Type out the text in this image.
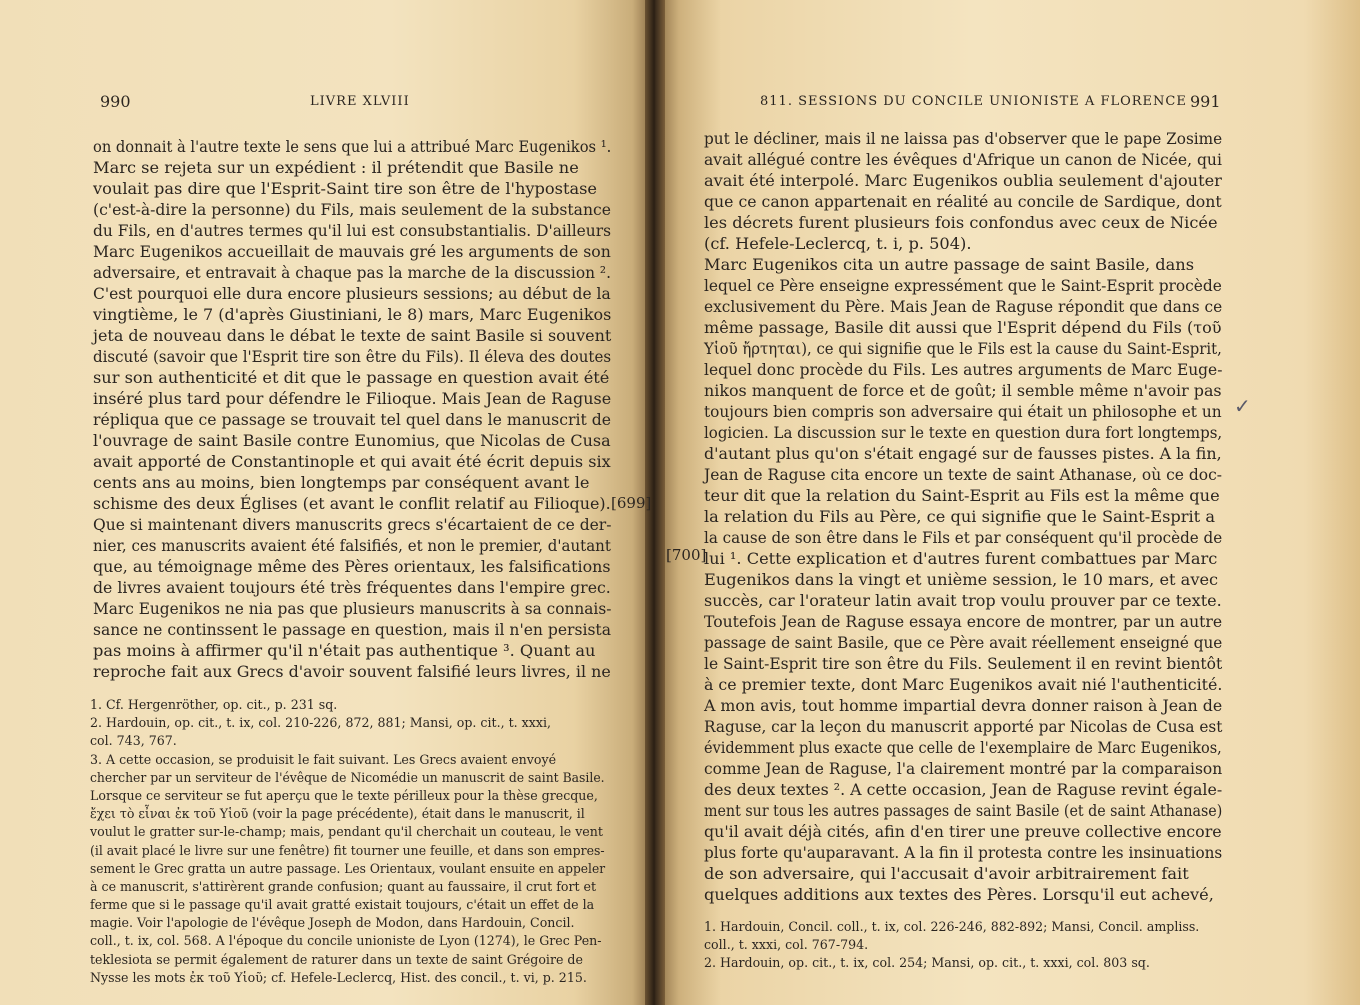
990	LIVRE XLVIII
on donnait à l'autre texte le sens que lui a attribué Marc Eugenikos ¹.
Marc se rejeta sur un expédient : il prétendit que Basile ne
voulait pas dire que l'Esprit-Saint tire son être de l'hypostase
(c'est-à-dire la personne) du Fils, mais seulement de la substance
du Fils, en d'autres termes qu'il lui est consubstantialis. D'ailleurs
Marc Eugenikos accueillait de mauvais gré les arguments de son
adversaire, et entravait à chaque pas la marche de la discussion ².
C'est pourquoi elle dura encore plusieurs sessions; au début de la
vingtième, le 7 (d'après Giustiniani, le 8) mars, Marc Eugenikos
jeta de nouveau dans le débat le texte de saint Basile si souvent
discuté (savoir que l'Esprit tire son être du Fils). Il éleva des doutes
sur son authenticité et dit que le passage en question avait été
inséré plus tard pour défendre le Filioque. Mais Jean de Raguse
répliqua que ce passage se trouvait tel quel dans le manuscrit de
l'ouvrage de saint Basile contre Eunomius, que Nicolas de Cusa
avait apporté de Constantinople et qui avait été écrit depuis six
cents ans au moins, bien longtemps par conséquent avant le
schisme des deux Églises (et avant le conflit relatif au Filioque).
Que si maintenant divers manuscrits grecs s'écartaient de ce der-
nier, ces manuscrits avaient été falsifiés, et non le premier, d'autant
que, au témoignage même des Pères orientaux, les falsifications
de livres avaient toujours été très fréquentes dans l'empire grec.
Marc Eugenikos ne nia pas que plusieurs manuscrits à sa connais-
sance ne continssent le passage en question, mais il n'en persista
pas moins à affirmer qu'il n'était pas authentique ³. Quant au
reproche fait aux Grecs d'avoir souvent falsifié leurs livres, il ne
1. Cf. Hergenröther, op. cit., p. 231 sq.
2. Hardouin, op. cit., t. ix, col. 210-226, 872, 881; Mansi, op. cit., t. xxxi,
col. 743, 767.
3. A cette occasion, se produisit le fait suivant. Les Grecs avaient envoyé
chercher par un serviteur de l'évêque de Nicomédie un manuscrit de saint Basile.
Lorsque ce serviteur se fut aperçu que le texte périlleux pour la thèse grecque,
ἔχει τὸ εἶναι ἐκ τοῦ Υἱοῦ (voir la page précédente), était dans le manuscrit, il
voulut le gratter sur-le-champ; mais, pendant qu'il cherchait un couteau, le vent
(il avait placé le livre sur une fenêtre) fit tourner une feuille, et dans son empres-
sement le Grec gratta un autre passage. Les Orientaux, voulant ensuite en appeler
à ce manuscrit, s'attirèrent grande confusion; quant au faussaire, il crut fort et
ferme que si le passage qu'il avait gratté existait toujours, c'était un effet de la
magie. Voir l'apologie de l'évêque Joseph de Modon, dans Hardouin, Concil.
coll., t. ix, col. 568. A l'époque du concile unioniste de Lyon (1274), le Grec Pen-
teklesiota se permit également de raturer dans un texte de saint Grégoire de
Nysse les mots ἐκ τοῦ Υἱοῦ; cf. Hefele-Leclercq, Hist. des concil., t. vi, p. 215.
811. SESSIONS DU CONCILE UNIONISTE A FLORENCE 991
put le décliner, mais il ne laissa pas d'observer que le pape Zosime
avait allégué contre les évêques d'Afrique un canon de Nicée, qui
avait été interpolé. Marc Eugenikos oublia seulement d'ajouter
que ce canon appartenait en réalité au concile de Sardique, dont
les décrets furent plusieurs fois confondus avec ceux de Nicée
(cf. Hefele-Leclercq, t. i, p. 504).
Marc Eugenikos cita un autre passage de saint Basile, dans
lequel ce Père enseigne expressément que le Saint-Esprit procède
exclusivement du Père. Mais Jean de Raguse répondit que dans ce
même passage, Basile dit aussi que l'Esprit dépend du Fils (τοῦ
Υἱοῦ ἤρτηται), ce qui signifie que le Fils est la cause du Saint-Esprit,
lequel donc procède du Fils. Les autres arguments de Marc Euge-
nikos manquent de force et de goût; il semble même n'avoir pas
toujours bien compris son adversaire qui était un philosophe et un
logicien. La discussion sur le texte en question dura fort longtemps,
d'autant plus qu'on s'était engagé sur de fausses pistes. A la fin,
Jean de Raguse cita encore un texte de saint Athanase, où ce doc-
teur dit que la relation du Saint-Esprit au Fils est la même que
la relation du Fils au Père, ce qui signifie que le Saint-Esprit a
la cause de son être dans le Fils et par conséquent qu'il procède de
lui ¹. Cette explication et d'autres furent combattues par Marc
Eugenikos dans la vingt et unième session, le 10 mars, et avec
succès, car l'orateur latin avait trop voulu prouver par ce texte.
Toutefois Jean de Raguse essaya encore de montrer, par un autre
passage de saint Basile, que ce Père avait réellement enseigné que
le Saint-Esprit tire son être du Fils. Seulement il en revint bientôt
à ce premier texte, dont Marc Eugenikos avait nié l'authenticité.
A mon avis, tout homme impartial devra donner raison à Jean de
Raguse, car la leçon du manuscrit apporté par Nicolas de Cusa est
évidemment plus exacte que celle de l'exemplaire de Marc Eugenikos,
comme Jean de Raguse, l'a clairement montré par la comparaison
des deux textes ². A cette occasion, Jean de Raguse revint égale-
ment sur tous les autres passages de saint Basile (et de saint Athanase)
qu'il avait déjà cités, afin d'en tirer une preuve collective encore
plus forte qu'auparavant. A la fin il protesta contre les insinuations
de son adversaire, qui l'accusait d'avoir arbitrairement fait
quelques additions aux textes des Pères. Lorsqu'il eut achevé,
1. Hardouin, Concil. coll., t. ix, col. 226-246, 882-892; Mansi, Concil. ampliss.
coll., t. xxxi, col. 767-794.
2. Hardouin, op. cit., t. ix, col. 254; Mansi, op. cit., t. xxxi, col. 803 sq.
[699]
[700]
✓
